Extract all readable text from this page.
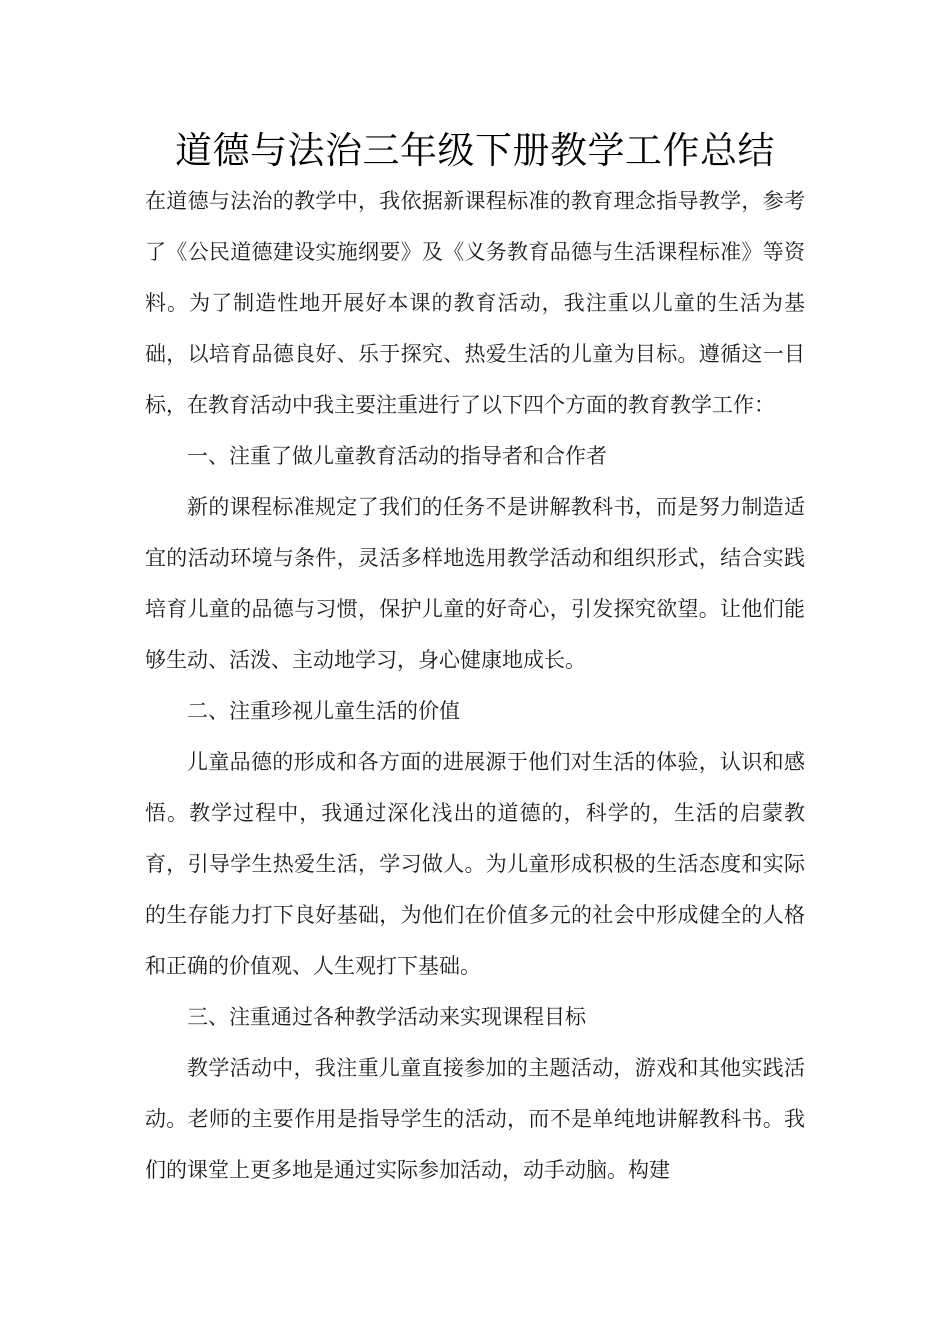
道德与法治三年级下册教学工作总结

在道德与法治的教学中，我依据新课程标准的教育理念指导教学，参考了《公民道德建设实施纲要》及《义务教育品德与生活课程标准》等资料。为了制造性地开展好本课的教育活动，我注重以儿童的生活为基础，以培育品德良好、乐于探究、热爱生活的儿童为目标。遵循这一目标，在教育活动中我主要注重进行了以下四个方面的教育教学工作：

一、注重了做儿童教育活动的指导者和合作者

新的课程标准规定了我们的任务不是讲解教科书，而是努力制造适宜的活动环境与条件，灵活多样地选用教学活动和组织形式，结合实践培育儿童的品德与习惯，保护儿童的好奇心，引发探究欲望。让他们能够生动、活泼、主动地学习，身心健康地成长。

二、注重珍视儿童生活的价值

儿童品德的形成和各方面的进展源于他们对生活的体验，认识和感悟。教学过程中，我通过深化浅出的道德的，科学的，生活的启蒙教育，引导学生热爱生活，学习做人。为儿童形成积极的生活态度和实际的生存能力打下良好基础，为他们在价值多元的社会中形成健全的人格和正确的价值观、人生观打下基础。

三、注重通过各种教学活动来实现课程目标

教学活动中，我注重儿童直接参加的主题活动，游戏和其他实践活动。老师的主要作用是指导学生的活动，而不是单纯地讲解教科书。我们的课堂上更多地是通过实际参加活动，动手动脑。构建
